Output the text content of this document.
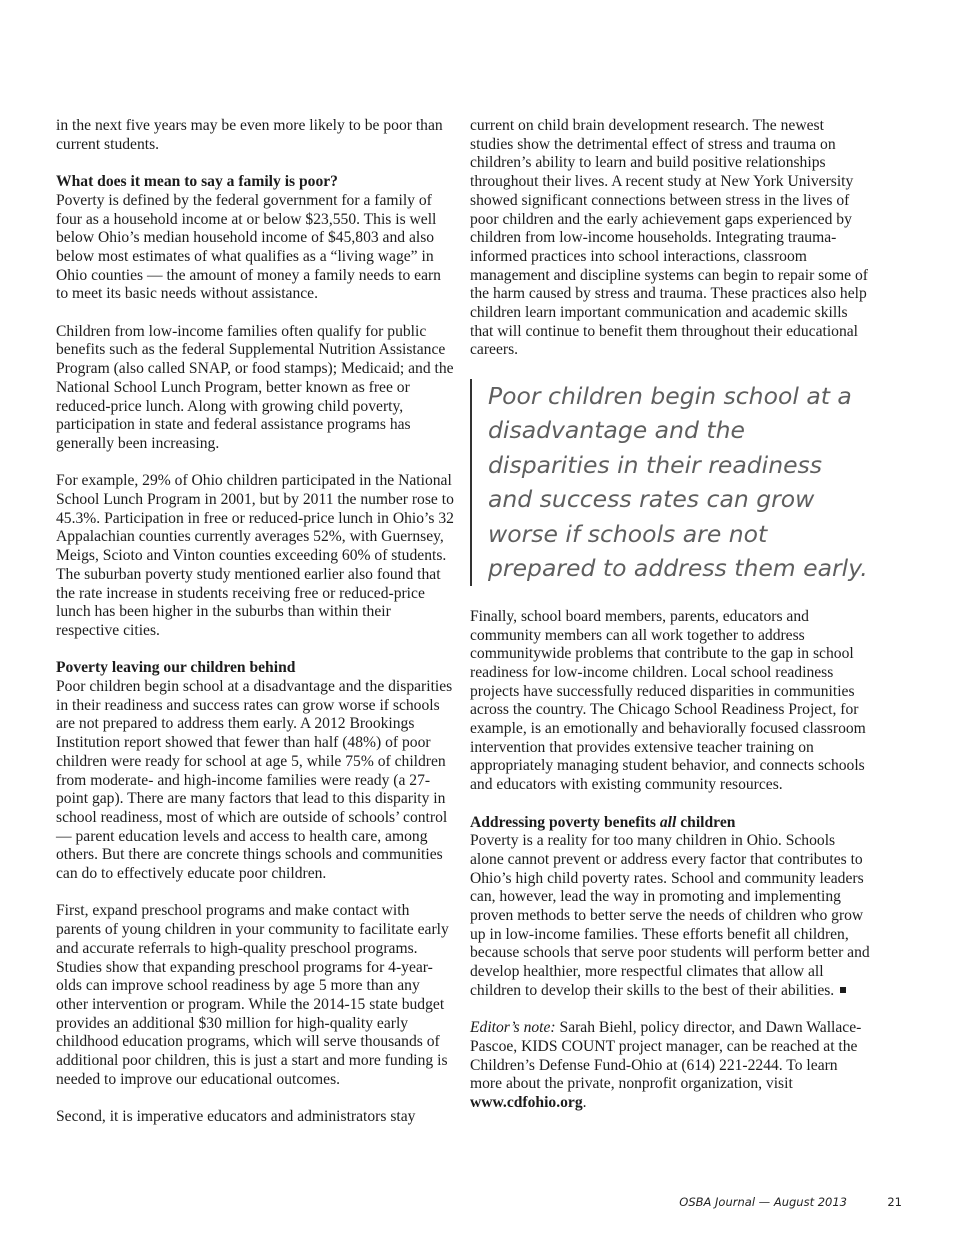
in the next five years may be even more likely to be poor than current students.

What does it mean to say a family is poor?

Poverty is defined by the federal government for a family of four as a household income at or below $23,550. This is well below Ohio’s median household income of $45,803 and also below most estimates of what qualifies as a “living wage” in Ohio counties — the amount of money a family needs to earn to meet its basic needs without assistance.

Children from low-income families often qualify for public benefits such as the federal Supplemental Nutrition Assistance Program (also called SNAP, or food stamps); Medicaid; and the National School Lunch Program, better known as free or reduced-price lunch. Along with growing child poverty, participation in state and federal assistance programs has generally been increasing.

For example, 29% of Ohio children participated in the National School Lunch Program in 2001, but by 2011 the number rose to 45.3%. Participation in free or reduced-price lunch in Ohio’s 32 Appalachian counties currently averages 52%, with Guernsey, Meigs, Scioto and Vinton counties exceeding 60% of students. The suburban poverty study mentioned earlier also found that the rate increase in students receiving free or reduced-price lunch has been higher in the suburbs than within their respective cities.

Poverty leaving our children behind

Poor children begin school at a disadvantage and the disparities in their readiness and success rates can grow worse if schools are not prepared to address them early. A 2012 Brookings Institution report showed that fewer than half (48%) of poor children were ready for school at age 5, while 75% of children from moderate- and high-income families were ready (a 27-point gap). There are many factors that lead to this disparity in school readiness, most of which are outside of schools’ control — parent education levels and access to health care, among others. But there are concrete things schools and communities can do to effectively educate poor children.

First, expand preschool programs and make contact with parents of young children in your community to facilitate early and accurate referrals to high-quality preschool programs. Studies show that expanding preschool programs for 4-year-olds can improve school readiness by age 5 more than any other intervention or program. While the 2014-15 state budget provides an additional $30 million for high-quality early childhood education programs, which will serve thousands of additional poor children, this is just a start and more funding is needed to improve our educational outcomes.

Second, it is imperative educators and administrators stay

current on child brain development research. The newest studies show the detrimental effect of stress and trauma on children’s ability to learn and build positive relationships throughout their lives. A recent study at New York University showed significant connections between stress in the lives of poor children and the early achievement gaps experienced by children from low-income households. Integrating trauma-informed practices into school interactions, classroom management and discipline systems can begin to repair some of the harm caused by stress and trauma. These practices also help children learn important communication and academic skills that will continue to benefit them throughout their educational careers.

Poor children begin school at a disadvantage and the disparities in their readiness and success rates can grow worse if schools are not prepared to address them early.

Finally, school board members, parents, educators and community members can all work together to address communitywide problems that contribute to the gap in school readiness for low-income children. Local school readiness projects have successfully reduced disparities in communities across the country. The Chicago School Readiness Project, for example, is an emotionally and behaviorally focused classroom intervention that provides extensive teacher training on appropriately managing student behavior, and connects schools and educators with existing community resources.

Addressing poverty benefits all children

Poverty is a reality for too many children in Ohio. Schools alone cannot prevent or address every factor that contributes to Ohio’s high child poverty rates. School and community leaders can, however, lead the way in promoting and implementing proven methods to better serve the needs of children who grow up in low-income families. These efforts benefit all children, because schools that serve poor students will perform better and develop healthier, more respectful climates that allow all children to develop their skills to the best of their abilities.

Editor’s note: Sarah Biehl, policy director, and Dawn Wallace-Pascoe, KIDS COUNT project manager, can be reached at the Children’s Defense Fund-Ohio at (614) 221-2244. To learn more about the private, nonprofit organization, visit www.cdfohio.org.

OSBA Journal — August 2013	21
